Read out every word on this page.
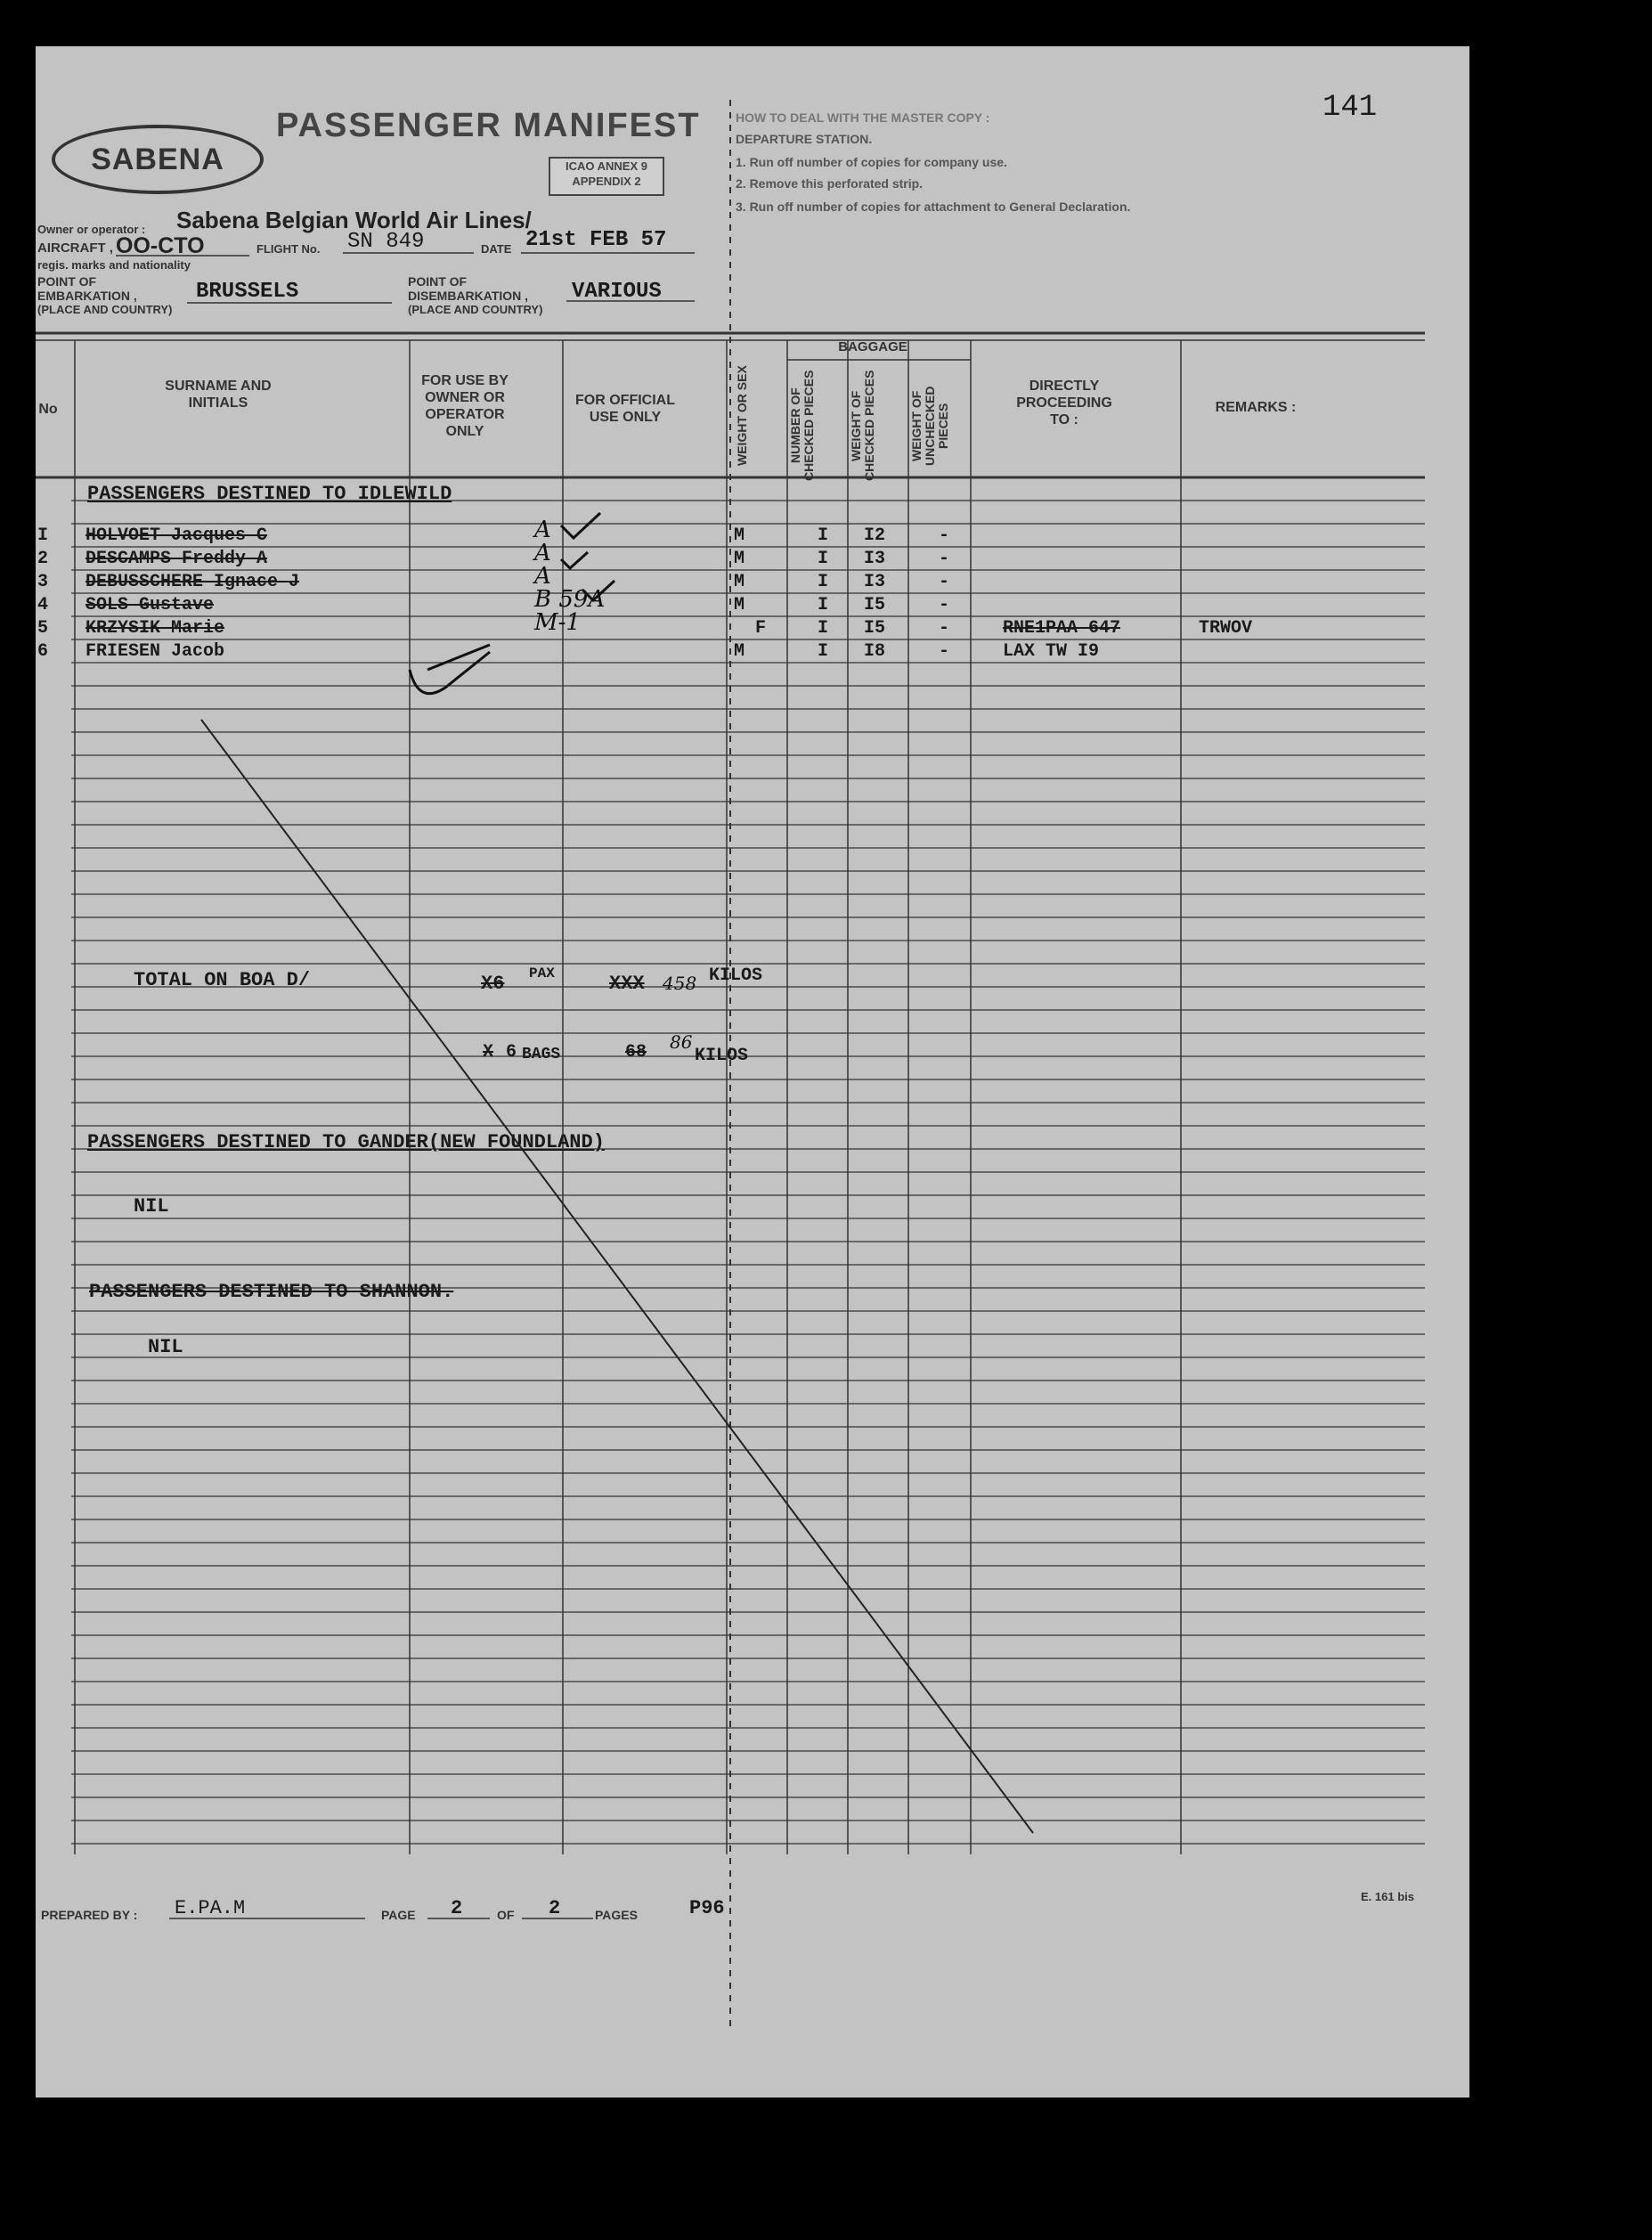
141
SABENA
PASSENGER MANIFEST
ICAO ANNEX 9
APPENDIX 2
HOW TO DEAL WITH THE MASTER COPY :
DEPARTURE STATION.
1. Run off number of copies for company use.
2. Remove this perforated strip.
3. Run off number of copies for attachment to General Declaration.
Owner or operator : Sabena Belgian World Air Lines/
AIRCRAFT , OO-CTO	FLIGHT No. SN 849	DATE 21st FEB 57
regis. marks and nationality
POINT OF
EMBARKATION ,
(PLACE AND COUNTRY)
BRUSSELS	POINT OF
DISEMBARKATION ,
(PLACE AND COUNTRY)
VARIOUS
No
SURNAME AND INITIALS
FOR USE BY OWNER OR OPERATOR ONLY
FOR OFFICIAL USE ONLY	WEIGHT OR SEX
BAGGAGE
NUMBER OF CHECKED PIECES	WEIGHT OF CHECKED PIECES	WEIGHT OF UNCHECKED PIECES
DIRECTLY PROCEEDING TO :
REMARKS :
PASSENGERS DESTINED TO IDLEWILD
I HOLVOET Jacques C	A	M	I I2	-
2 DESCAMPS Freddy A	A	M	I I3	-
3 DEBUSSCHERE Ignace J	A	M	I I3	-
4 SOLS Gustave	B 59A	M	I I5	-
5 KRZYSIK Marie	M-1	F	I I5	-	RNE1PAA 647	TRWOV
6 FRIESEN Jacob	M	I I8	-	LAX TW I9
TOTAL ON BOA D/	X6 PAX	XXX 458 KILOS
X 6 BAGS	68 86
KILOS
PASSENGERS DESTINED TO GANDER(NEW FOUNDLAND)
NIL
PASSENGERS DESTINED TO SHANNON.
NIL
PREPARED BY : E.PA.M	PAGE 2	OF 2	PAGES	P96
E. 161 bis
